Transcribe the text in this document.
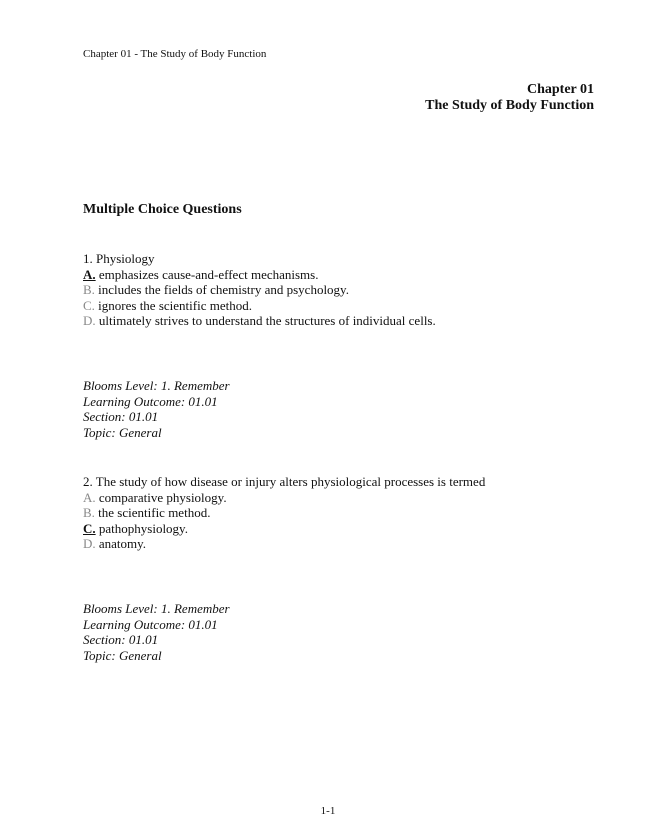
Chapter 01 - The Study of Body Function
Chapter 01
The Study of Body Function
Multiple Choice Questions
1. Physiology
A. emphasizes cause-and-effect mechanisms.
B. includes the fields of chemistry and psychology.
C. ignores the scientific method.
D. ultimately strives to understand the structures of individual cells.
Blooms Level: 1. Remember
Learning Outcome: 01.01
Section: 01.01
Topic: General
2. The study of how disease or injury alters physiological processes is termed
A. comparative physiology.
B. the scientific method.
C. pathophysiology.
D. anatomy.
Blooms Level: 1. Remember
Learning Outcome: 01.01
Section: 01.01
Topic: General
1-1
